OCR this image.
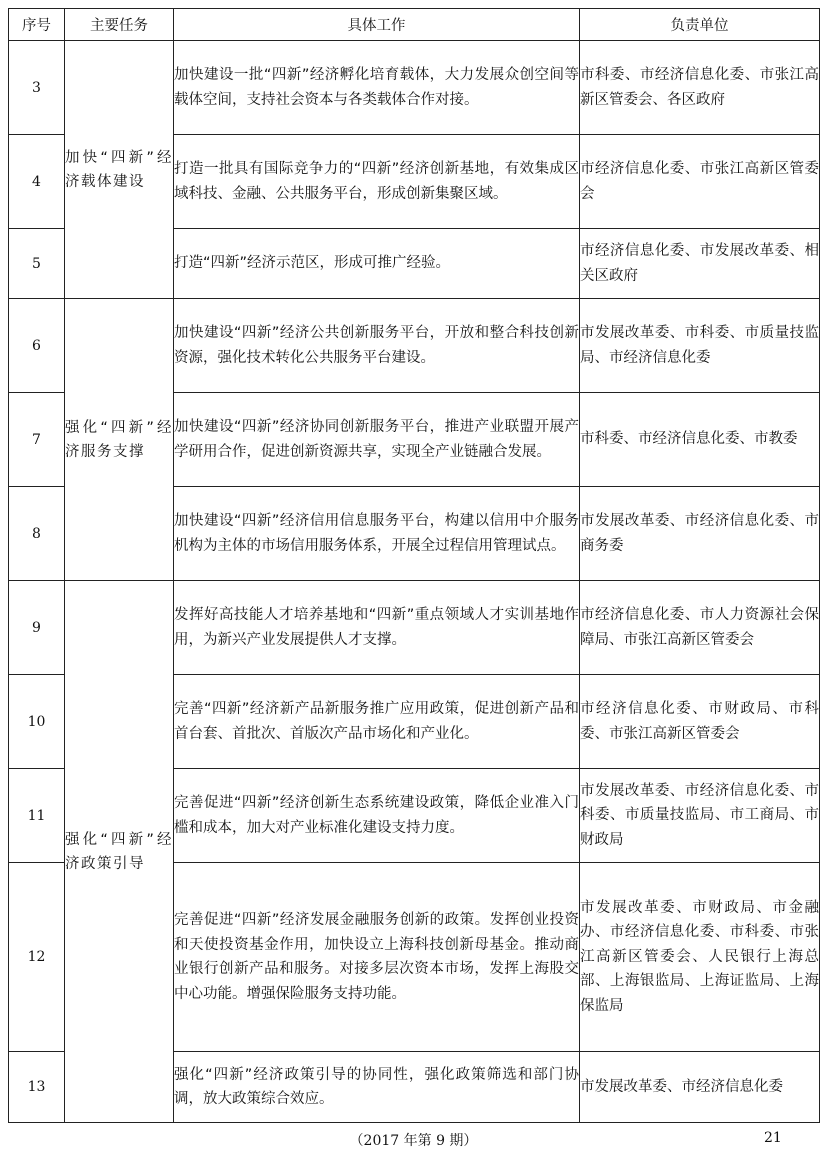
序号	主要任务	具体工作	负责单位
3	加快“四新”经济载体建设	加快建设一批“四新”经济孵化培育载体，大力发展众创空间等载体空间，支持社会资本与各类载体合作对接。	市科委、市经济信息化委、市张江高新区管委会、各区政府
4		打造一批具有国际竞争力的“四新”经济创新基地，有效集成区域科技、金融、公共服务平台，形成创新集聚区域。	市经济信息化委、市张江高新区管委会
5		打造“四新”经济示范区，形成可推广经验。	市经济信息化委、市发展改革委、相关区政府
6	强化“四新”经济服务支撑	加快建设“四新”经济公共创新服务平台，开放和整合科技创新资源，强化技术转化公共服务平台建设。	市发展改革委、市科委、市质量技监局、市经济信息化委
7		加快建设“四新”经济协同创新服务平台，推进产业联盟开展产学研用合作，促进创新资源共享，实现全产业链融合发展。	市科委、市经济信息化委、市教委
8		加快建设“四新”经济信用信息服务平台，构建以信用中介服务机构为主体的市场信用服务体系，开展全过程信用管理试点。	市发展改革委、市经济信息化委、市商务委
9	强化“四新”经济政策引导	发挥好高技能人才培养基地和“四新”重点领域人才实训基地作用，为新兴产业发展提供人才支撑。	市经济信息化委、市人力资源社会保障局、市张江高新区管委会
10		完善“四新”经济新产品新服务推广应用政策，促进创新产品和首台套、首批次、首版次产品市场化和产业化。	市经济信息化委、市财政局、市科委、市张江高新区管委会
11		完善促进“四新”经济创新生态系统建设政策，降低企业准入门槛和成本，加大对产业标准化建设支持力度。	市发展改革委、市经济信息化委、市科委、市质量技监局、市工商局、市财政局
12		完善促进“四新”经济发展金融服务创新的政策。发挥创业投资和天使投资基金作用，加快设立上海科技创新母基金。推动商业银行创新产品和服务。对接多层次资本市场，发挥上海股交中心功能。增强保险服务支持功能。	市发展改革委、市财政局、市金融办、市经济信息化委、市科委、市张江高新区管委会、人民银行上海总部、上海银监局、上海证监局、上海保监局
13		强化“四新”经济政策引导的协同性，强化政策筛选和部门协调，放大政策综合效应。	市发展改革委、市经济信息化委
（2017 年第 9 期）	21
